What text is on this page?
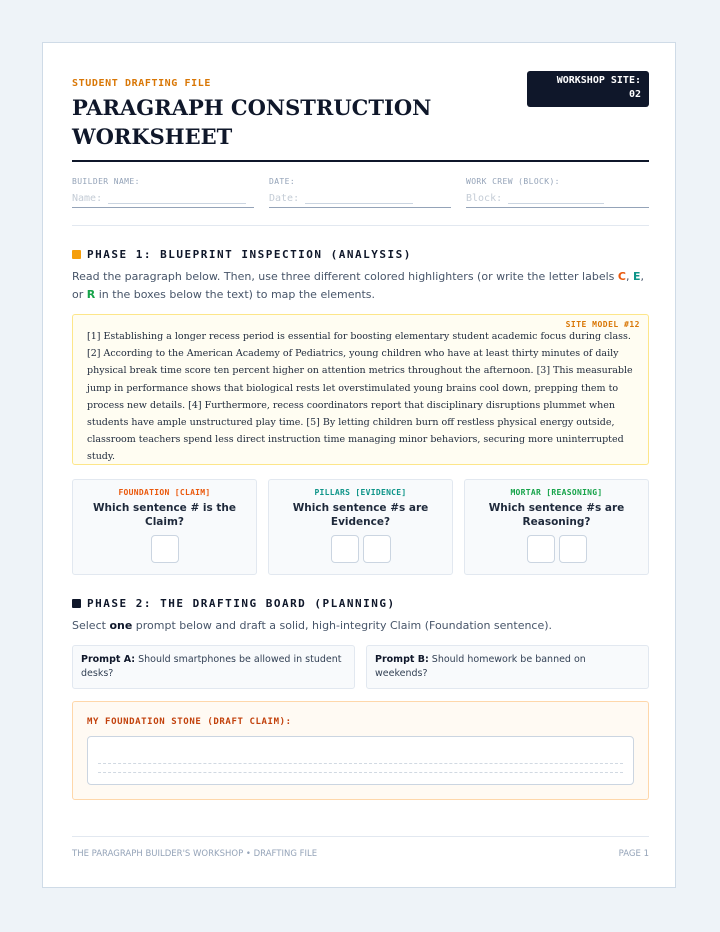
STUDENT DRAFTING FILE
PARAGRAPH CONSTRUCTION WORKSHEET
WORKSHOP SITE:
02
BUILDER NAME:
Name:
DATE:
Date:
WORK CREW (BLOCK):
Block:
PHASE 1: BLUEPRINT INSPECTION (ANALYSIS)
Read the paragraph below. Then, use three different colored highlighters (or write the letter labels C, E, or R in the boxes below the text) to map the elements.
SITE MODEL #12
[1] Establishing a longer recess period is essential for boosting elementary student academic focus during class. [2] According to the American Academy of Pediatrics, young children who have at least thirty minutes of daily physical break time score ten percent higher on attention metrics throughout the afternoon. [3] This measurable jump in performance shows that biological rests let overstimulated young brains cool down, prepping them to process new details. [4] Furthermore, recess coordinators report that disciplinary disruptions plummet when students have ample unstructured play time. [5] By letting children burn off restless physical energy outside, classroom teachers spend less direct instruction time managing minor behaviors, securing more uninterrupted study.
FOUNDATION [CLAIM]
Which sentence # is the Claim?
PILLARS [EVIDENCE]
Which sentence #s are Evidence?
MORTAR [REASONING]
Which sentence #s are Reasoning?
PHASE 2: THE DRAFTING BOARD (PLANNING)
Select one prompt below and draft a solid, high-integrity Claim (Foundation sentence).
Prompt A: Should smartphones be allowed in student desks?
Prompt B: Should homework be banned on weekends?
MY FOUNDATION STONE (DRAFT CLAIM):
THE PARAGRAPH BUILDER'S WORKSHOP • DRAFTING FILE	PAGE 1
